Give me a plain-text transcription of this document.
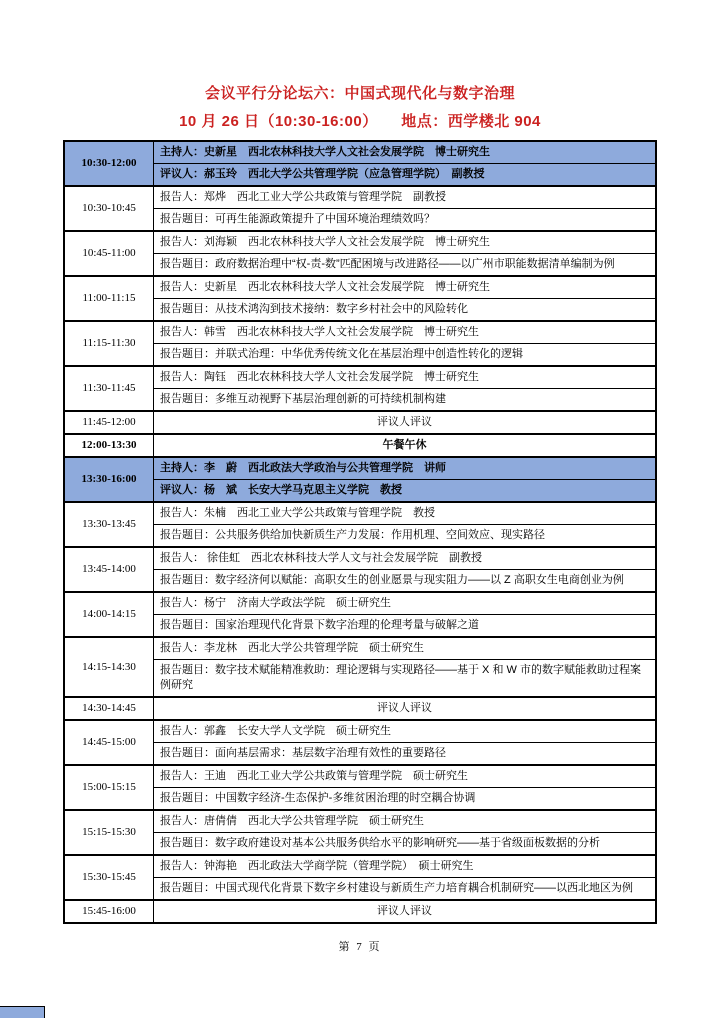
会议平行分论坛六：中国式现代化与数字治理
10 月 26 日（10:30-16:00）　　地点：西学楼北 904
10:30-12:00	主持人：史新星　西北农林科技大学人文社会发展学院　博士研究生
	评议人：郝玉玲　西北大学公共管理学院（应急管理学院）　副教授
10:30-10:45	报告人：郑烨　西北工业大学公共政策与管理学院　副教授
	报告题目：可再生能源政策提升了中国环境治理绩效吗？
10:45-11:00	报告人：刘海颖　西北农林科技大学人文社会发展学院　博士研究生
	报告题目：政府数据治理中“权-责-数”匹配困境与改进路径——以广州市职能数据清单编制为例
11:00-11:15	报告人：史新星　西北农林科技大学人文社会发展学院　博士研究生
	报告题目：从技术鸿沟到技术接纳：数字乡村社会中的风险转化
11:15-11:30	报告人：韩雪　西北农林科技大学人文社会发展学院　博士研究生
	报告题目：并联式治理：中华优秀传统文化在基层治理中创造性转化的逻辑
11:30-11:45	报告人：陶钰　西北农林科技大学人文社会发展学院　博士研究生
	报告题目：多维互动视野下基层治理创新的可持续机制构建
11:45-12:00	评议人评议
12:00-13:30	午餐午休
13:30-16:00	主持人：李　蔚　西北政法大学政治与公共管理学院　讲师
	评议人：杨　斌　长安大学马克思主义学院　教授
13:30-13:45	报告人：朱楠　西北工业大学公共政策与管理学院　教授
	报告题目：公共服务供给加快新质生产力发展：作用机理、空间效应、现实路径
13:45-14:00	报告人： 徐佳虹　西北农林科技大学人文与社会发展学院　副教授
	报告题目：数字经济何以赋能：高职女生的创业愿景与现实阻力——以 Z 高职女生电商创业为例
14:00-14:15	报告人：杨宁　济南大学政法学院　硕士研究生
	报告题目：国家治理现代化背景下数字治理的伦理考量与破解之道
14:15-14:30	报告人：李龙林　西北大学公共管理学院　硕士研究生
	报告题目：数字技术赋能精准救助：理论逻辑与实现路径——基于 X 和 W 市的数字赋能救助过程案例研究
14:30-14:45	评议人评议
14:45-15:00	报告人：郭鑫　长安大学人文学院　硕士研究生
	报告题目：面向基层需求：基层数字治理有效性的重要路径
15:00-15:15	报告人：王迪　西北工业大学公共政策与管理学院　硕士研究生
	报告题目：中国数字经济-生态保护-多维贫困治理的时空耦合协调
15:15-15:30	报告人：唐倩倩　西北大学公共管理学院　硕士研究生
	报告题目：数字政府建设对基本公共服务供给水平的影响研究——基于省级面板数据的分析
15:30-15:45	报告人：钟海艳　西北政法大学商学院（管理学院）　硕士研究生
	报告题目：中国式现代化背景下数字乡村建设与新质生产力培育耦合机制研究——以西北地区为例
15:45-16:00	评议人评议
第 7 页
